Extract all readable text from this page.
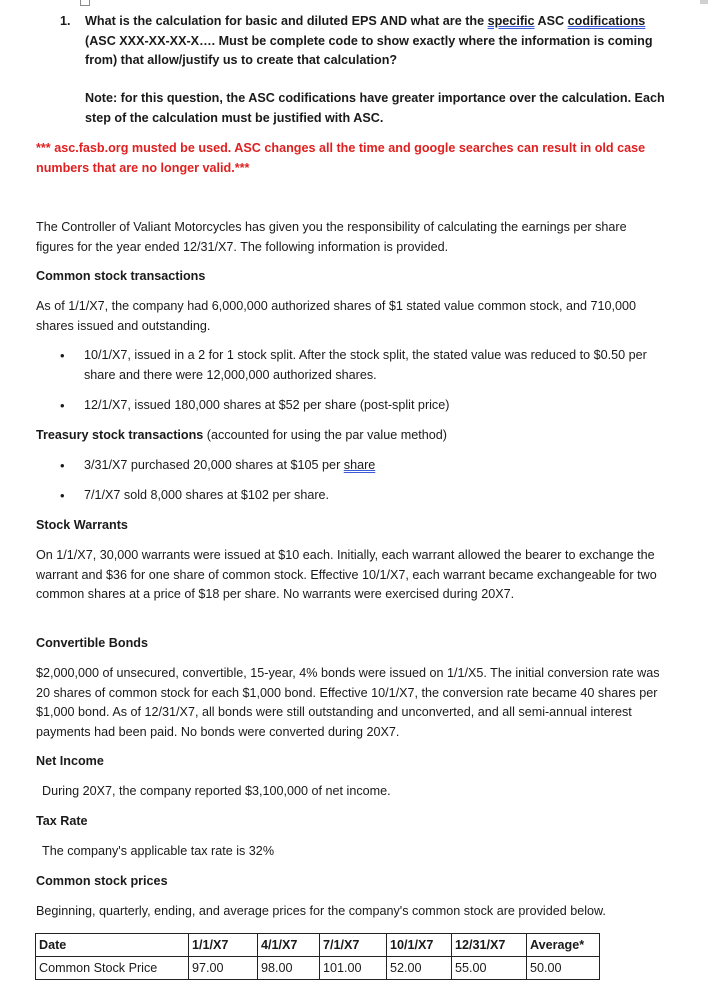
1. What is the calculation for basic and diluted EPS AND what are the specific ASC codifications (ASC XXX-XX-XX-X…. Must be complete code to show exactly where the information is coming from) that allow/justify us to create that calculation?
Note: for this question, the ASC codifications have greater importance over the calculation. Each step of the calculation must be justified with ASC.
*** asc.fasb.org musted be used. ASC changes all the time and google searches can result in old case numbers that are no longer valid.***
The Controller of Valiant Motorcycles has given you the responsibility of calculating the earnings per share figures for the year ended 12/31/X7. The following information is provided.
Common stock transactions
As of 1/1/X7, the company had 6,000,000 authorized shares of $1 stated value common stock, and 710,000 shares issued and outstanding.
• 10/1/X7, issued in a 2 for 1 stock split. After the stock split, the stated value was reduced to $0.50 per share and there were 12,000,000 authorized shares.
• 12/1/X7, issued 180,000 shares at $52 per share (post-split price)
Treasury stock transactions (accounted for using the par value method)
• 3/31/X7 purchased 20,000 shares at $105 per share
• 7/1/X7 sold 8,000 shares at $102 per share.
Stock Warrants
On 1/1/X7, 30,000 warrants were issued at $10 each. Initially, each warrant allowed the bearer to exchange the warrant and $36 for one share of common stock. Effective 10/1/X7, each warrant became exchangeable for two common shares at a price of $18 per share. No warrants were exercised during 20X7.
Convertible Bonds
$2,000,000 of unsecured, convertible, 15-year, 4% bonds were issued on 1/1/X5. The initial conversion rate was 20 shares of common stock for each $1,000 bond. Effective 10/1/X7, the conversion rate became 40 shares per $1,000 bond. As of 12/31/X7, all bonds were still outstanding and unconverted, and all semi-annual interest payments had been paid. No bonds were converted during 20X7.
Net Income
During 20X7, the company reported $3,100,000 of net income.
Tax Rate
The company's applicable tax rate is 32%
Common stock prices
Beginning, quarterly, ending, and average prices for the company's common stock are provided below.
Date	1/1/X7	4/1/X7	7/1/X7	10/1/X7	12/31/X7	Average*
Common Stock Price	97.00	98.00	101.00	52.00	55.00	50.00
